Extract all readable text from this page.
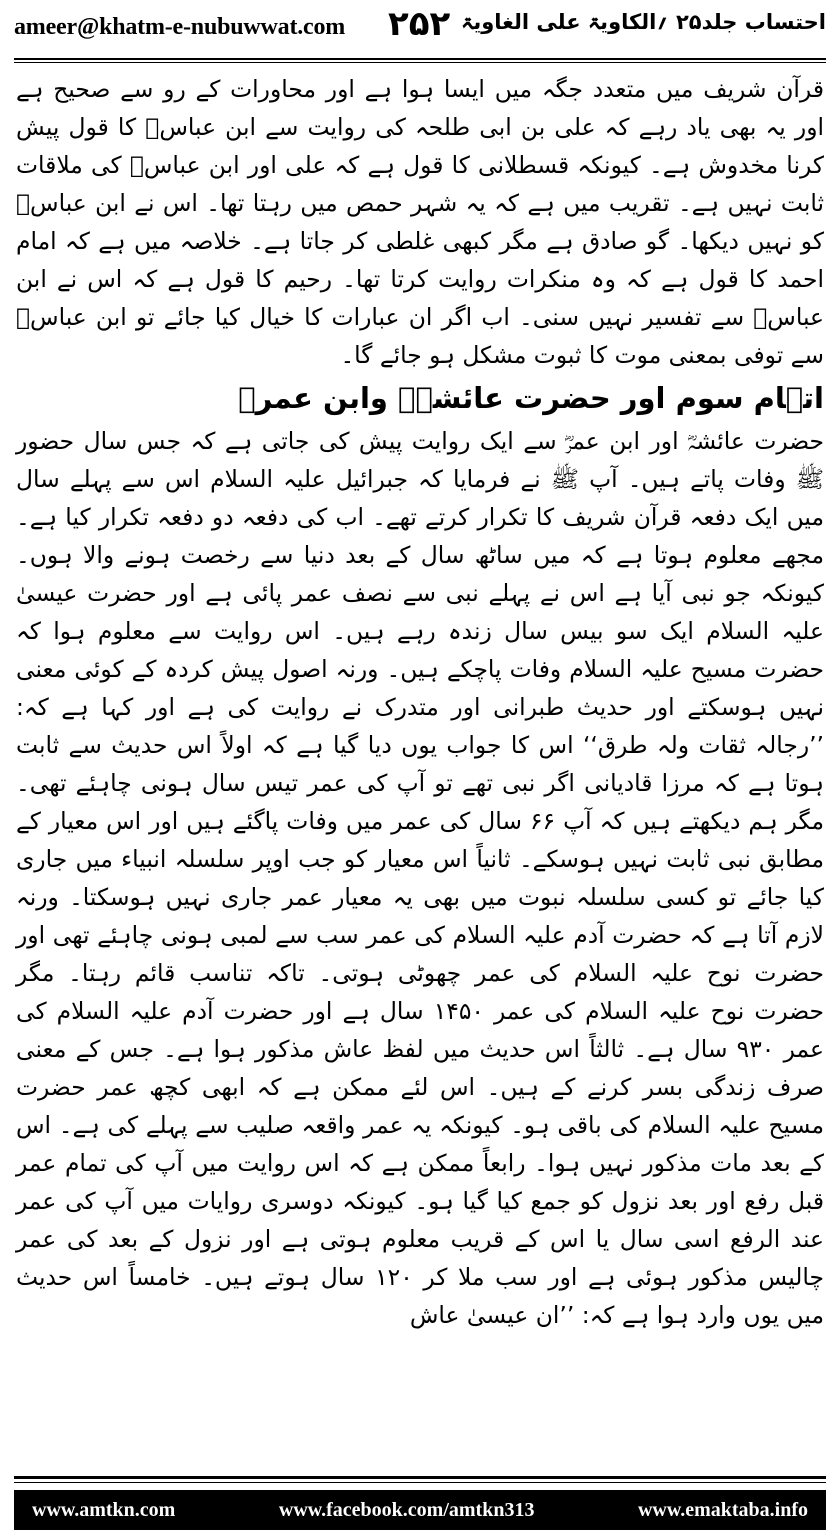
ameer@khatm-e-nubuwwat.com ۲۵۲ احتساب جلد۲۵ ؍الکاویۃ علی الغاویۃ

قرآن شریف میں متعدد جگہ میں ایسا ہوا ہے اور محاورات کے رو سے صحیح ہے اور یہ بھی یاد رہے کہ علی بن ابی طلحہ کی روایت سے ابن عباسؓ کا قول پیش کرنا مخدوش ہے۔ کیونکہ قسطلانی کا قول ہے کہ علی اور ابن عباسؓ کی ملاقات ثابت نہیں ہے۔ تقریب میں ہے کہ یہ شہر حمص میں رہتا تھا۔ اس نے ابن عباسؓ کو نہیں دیکھا۔ گو صادق ہے مگر کبھی غلطی کر جاتا ہے۔ خلاصہ میں ہے کہ امام احمد کا قول ہے کہ وہ منکرات روایت کرتا تھا۔ رحیم کا قول ہے کہ اس نے ابن عباسؓ سے تفسیر نہیں سنی۔ اب اگر ان عبارات کا خیال کیا جائے تو ابن عباسؓ سے توفی بمعنی موت کا ثبوت مشکل ہو جائے گا۔

اتہام سوم اور حضرت عائشہؓ وابن عمرؓ

حضرت عائشہؓ اور ابن عمرؓ سے ایک روایت پیش کی جاتی ہے کہ جس سال حضور ﷺ وفات پاتے ہیں۔ آپ ﷺ نے فرمایا کہ جبرائیل علیہ السلام اس سے پہلے سال میں ایک دفعہ قرآن شریف کا تکرار کرتے تھے۔ اب کی دفعہ دو دفعہ تکرار کیا ہے۔ مجھے معلوم ہوتا ہے کہ میں ساٹھ سال کے بعد دنیا سے رخصت ہونے والا ہوں۔ کیونکہ جو نبی آیا ہے اس نے پہلے نبی سے نصف عمر پائی ہے اور حضرت عیسیٰ علیہ السلام ایک سو بیس سال زندہ رہے ہیں۔ اس روایت سے معلوم ہوا کہ حضرت مسیح علیہ السلام وفات پاچکے ہیں۔ ورنہ اصول پیش کردہ کے کوئی معنی نہیں ہوسکتے اور حدیث طبرانی اور متدرک نے روایت کی ہے اور کہا ہے کہ: ’’رجالہ ثقات ولہ طرق‘‘ اس کا جواب یوں دیا گیا ہے کہ اولاً اس حدیث سے ثابت ہوتا ہے کہ مرزا قادیانی اگر نبی تھے تو آپ کی عمر تیس سال ہونی چاہئے تھی۔ مگر ہم دیکھتے ہیں کہ آپ ۶۶ سال کی عمر میں وفات پاگئے ہیں اور اس معیار کے مطابق نبی ثابت نہیں ہوسکے۔ ثانیاً اس معیار کو جب اوپر سلسلہ انبیاء میں جاری کیا جائے تو کسی سلسلہ نبوت میں بھی یہ معیار عمر جاری نہیں ہوسکتا۔ ورنہ لازم آتا ہے کہ حضرت آدم علیہ السلام کی عمر سب سے لمبی ہونی چاہئے تھی اور حضرت نوح علیہ السلام کی عمر چھوٹی ہوتی۔ تاکہ تناسب قائم رہتا۔ مگر حضرت نوح علیہ السلام کی عمر ۱۴۵۰ سال ہے اور حضرت آدم علیہ السلام کی عمر ۹۳۰ سال ہے۔ ثالثاً اس حدیث میں لفظ عاش مذکور ہوا ہے۔ جس کے معنی صرف زندگی بسر کرنے کے ہیں۔ اس لئے ممکن ہے کہ ابھی کچھ عمر حضرت مسیح علیہ السلام کی باقی ہو۔ کیونکہ یہ عمر واقعہ صلیب سے پہلے کی ہے۔ اس کے بعد مات مذکور نہیں ہوا۔ رابعاً ممکن ہے کہ اس روایت میں آپ کی تمام عمر قبل رفع اور بعد نزول کو جمع کیا گیا ہو۔ کیونکہ دوسری روایات میں آپ کی عمر عند الرفع اسی سال یا اس کے قریب معلوم ہوتی ہے اور نزول کے بعد کی عمر چالیس مذکور ہوئی ہے اور سب ملا کر ۱۲۰ سال ہوتے ہیں۔ خامساً اس حدیث میں یوں وارد ہوا ہے کہ: ’’ان عیسیٰ عاش

www.amtkn.com	www.facebook.com/amtkn313	www.emaktaba.info
